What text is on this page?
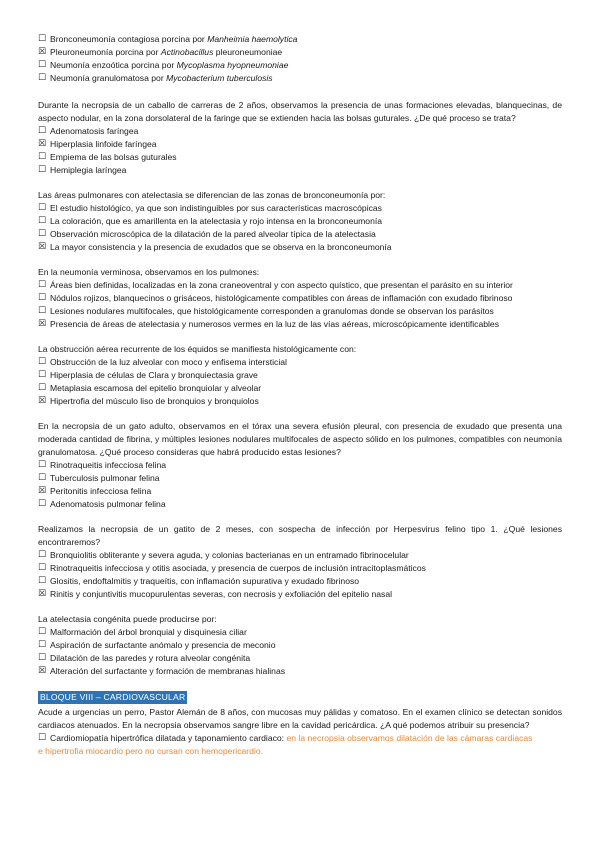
☐ Bronconeumonía contagiosa porcina por Manheimia haemolytica
☒ Pleuroneumonía porcina por Actinobacillus pleuroneumoniae
☐ Neumonía enzoótica porcina por Mycoplasma hyopneumoniae
☐ Neumonía granulomatosa por Mycobacterium tuberculosis
Durante la necropsia de un caballo de carreras de 2 años, observamos la presencia de unas formaciones elevadas, blanquecinas, de aspecto nodular, en la zona dorsolateral de la faringe que se extienden hacia las bolsas guturales. ¿De qué proceso se trata?
☐ Adenomatosis faríngea
☒ Hiperplasia linfoide faríngea
☐ Empiema de las bolsas guturales
☐ Hemiplegia laríngea
Las áreas pulmonares con atelectasia se diferencian de las zonas de bronconeumonía por:
☐ El estudio histológico, ya que son indistinguibles por sus características macroscópicas
☐ La coloración, que es amarillenta en la atelectasia y rojo intensa en la bronconeumonía
☐ Observación microscópica de la dilatación de la pared alveolar típica de la atelectasia
☒ La mayor consistencia y la presencia de exudados que se observa en la bronconeumonía
En la neumonía verminosa, observamos en los pulmones:
☐ Áreas bien definidas, localizadas en la zona craneoventral y con aspecto quístico, que presentan el parásito en su interior
☐ Nódulos rojizos, blanquecinos o grisáceos, histológicamente compatibles con áreas de inflamación con exudado fibrinoso
☐ Lesiones nodulares multifocales, que histológicamente corresponden a granulomas donde se observan los parásitos
☒ Presencia de áreas de atelectasia y numerosos vermes en la luz de las vías aéreas, microscópicamente identificables
La obstrucción aérea recurrente de los équidos se manifiesta histológicamente con:
☐ Obstrucción de la luz alveolar con moco y enfisema intersticial
☐ Hiperplasia de células de Clara y bronquiectasia grave
☐ Metaplasia escamosa del epitelio bronquiolar y alveolar
☒ Hipertrofia del músculo liso de bronquios y bronquiolos
En la necropsia de un gato adulto, observamos en el tórax una severa efusión pleural, con presencia de exudado que presenta una moderada cantidad de fibrina, y múltiples lesiones nodulares multifocales de aspecto sólido en los pulmones, compatibles con neumonía granulomatosa. ¿Qué proceso consideras que habrá producido estas lesiones?
☐ Rinotraqueitis infecciosa felina
☐ Tuberculosis pulmonar felina
☒ Peritonitis infecciosa felina
☐ Adenomatosis pulmonar felina
Realizamos la necropsia de un gatito de 2 meses, con sospecha de infección por Herpesvirus felino tipo 1. ¿Qué lesiones encontraremos?
☐ Bronquiolitis obliterante y severa aguda, y colonias bacterianas en un entramado fibrinocelular
☐ Rinotraqueitis infecciosa y otitis asociada, y presencia de cuerpos de inclusión intracitoplasmáticos
☐ Glositis, endoftalmitis y traqueítis, con inflamación supurativa y exudado fibrinoso
☒ Rinitis y conjuntivitis mucopurulentas severas, con necrosis y exfoliación del epitelio nasal
La atelectasia congénita puede producirse por:
☐ Malformación del árbol bronquial y disquinesia ciliar
☐ Aspiración de surfactante anómalo y presencia de meconio
☐ Dilatación de las paredes y rotura alveolar congénita
☒ Alteración del surfactante y formación de membranas hialinas
BLOQUE VIII – CARDIOVASCULAR
Acude a urgencias un perro, Pastor Alemán de 8 años, con mucosas muy pálidas y comatoso. En el examen clínico se detectan sonidos cardiacos atenuados. En la necropsia observamos sangre libre en la cavidad pericárdica. ¿A qué podemos atribuir su presencia?
☐ Cardiomiopatía hipertrófica dilatada y taponamiento cardiaco: en la necropsia observamos dilatación de las cámaras cardiacas
e hipertrofia miocardio pero no cursan con hemopericardio.
